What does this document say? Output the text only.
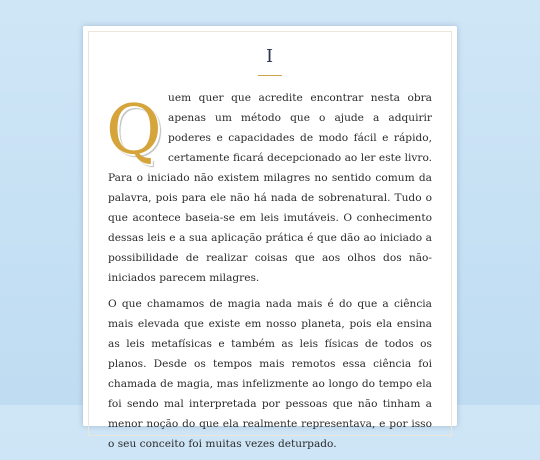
I

Quem quer que acredite encontrar nesta obra apenas um método que o ajude a adquirir poderes e capacidades de modo fácil e rápido, certamente ficará decepcionado ao ler este livro. Para o iniciado não existem milagres no sentido comum da palavra, pois para ele não há nada de sobrenatural. Tudo o que acontece baseia-se em leis imutáveis. O conhecimento dessas leis e a sua aplicação prática é que dão ao iniciado a possibilidade de realizar coisas que aos olhos dos não-iniciados parecem milagres.

O que chamamos de magia nada mais é do que a ciência mais elevada que existe em nosso planeta, pois ela ensina as leis metafísicas e também as leis físicas de todos os planos. Desde os tempos mais remotos essa ciência foi chamada de magia, mas infelizmente ao longo do tempo ela foi sendo mal interpretada por pessoas que não tinham a menor noção do que ela realmente representava, e por isso o seu conceito foi muitas vezes deturpado.
